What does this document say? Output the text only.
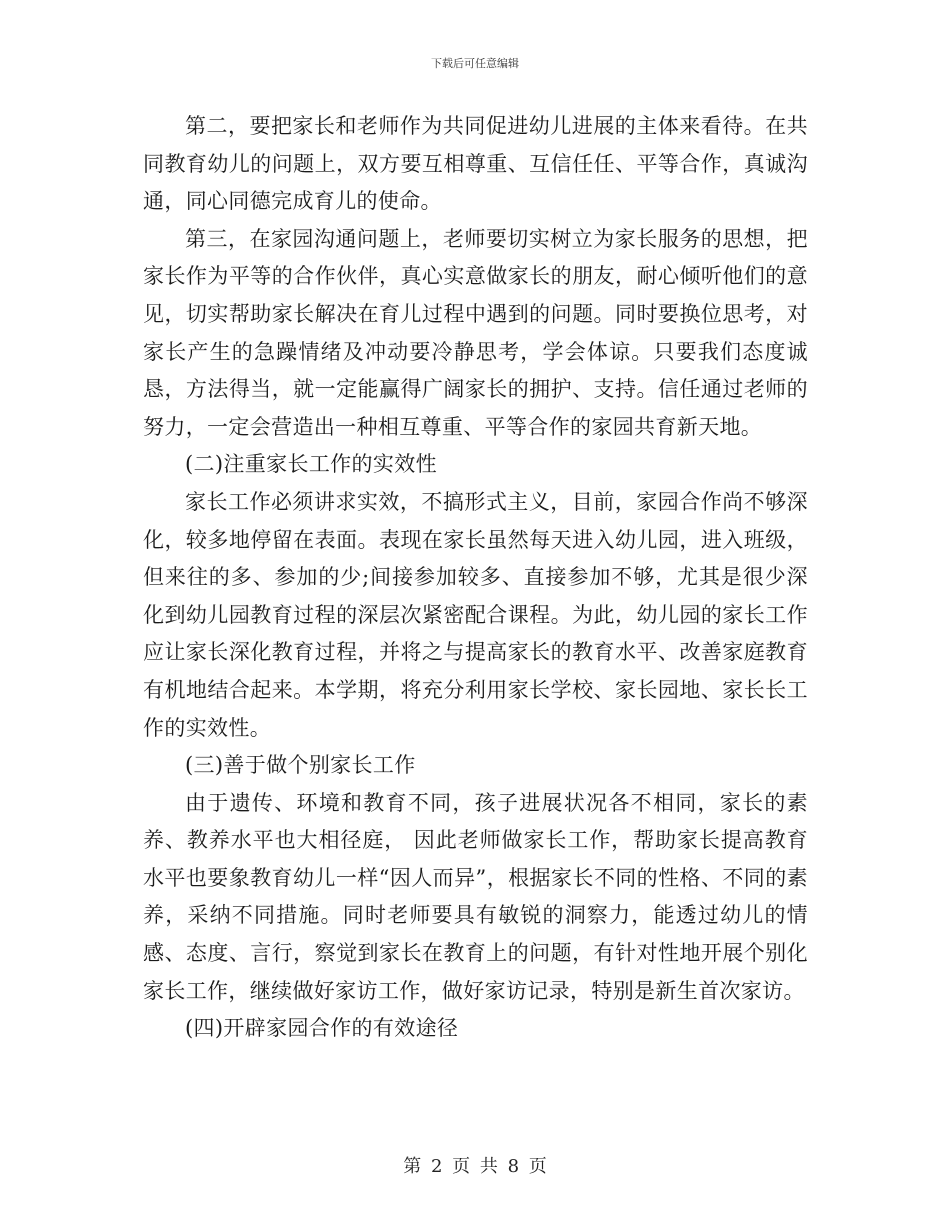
下载后可任意编辑

第二，要把家长和老师作为共同促进幼儿进展的主体来看待。在共同教育幼儿的问题上，双方要互相尊重、互信任任、平等合作，真诚沟通，同心同德完成育儿的使命。

第三，在家园沟通问题上，老师要切实树立为家长服务的思想，把家长作为平等的合作伙伴，真心实意做家长的朋友，耐心倾听他们的意见，切实帮助家长解决在育儿过程中遇到的问题。同时要换位思考，对家长产生的急躁情绪及冲动要冷静思考，学会体谅。只要我们态度诚恳，方法得当，就一定能赢得广阔家长的拥护、支持。信任通过老师的努力，一定会营造出一种相互尊重、平等合作的家园共育新天地。

(二)注重家长工作的实效性

家长工作必须讲求实效，不搞形式主义，目前，家园合作尚不够深化，较多地停留在表面。表现在家长虽然每天进入幼儿园，进入班级，但来往的多、参加的少;间接参加较多、直接参加不够，尤其是很少深化到幼儿园教育过程的深层次紧密配合课程。为此，幼儿园的家长工作应让家长深化教育过程，并将之与提高家长的教育水平、改善家庭教育有机地结合起来。本学期，将充分利用家长学校、家长园地、家长长工作的实效性。

(三)善于做个别家长工作

由于遗传、环境和教育不同，孩子进展状况各不相同，家长的素养、教养水平也大相径庭， 因此老师做家长工作，帮助家长提高教育水平也要象教育幼儿一样“因人而异”，根据家长不同的性格、不同的素养，采纳不同措施。同时老师要具有敏锐的洞察力，能透过幼儿的情感、态度、言行，察觉到家长在教育上的问题，有针对性地开展个别化家长工作，继续做好家访工作，做好家访记录，特别是新生首次家访。

(四)开辟家园合作的有效途径

第 2 页 共 8 页
